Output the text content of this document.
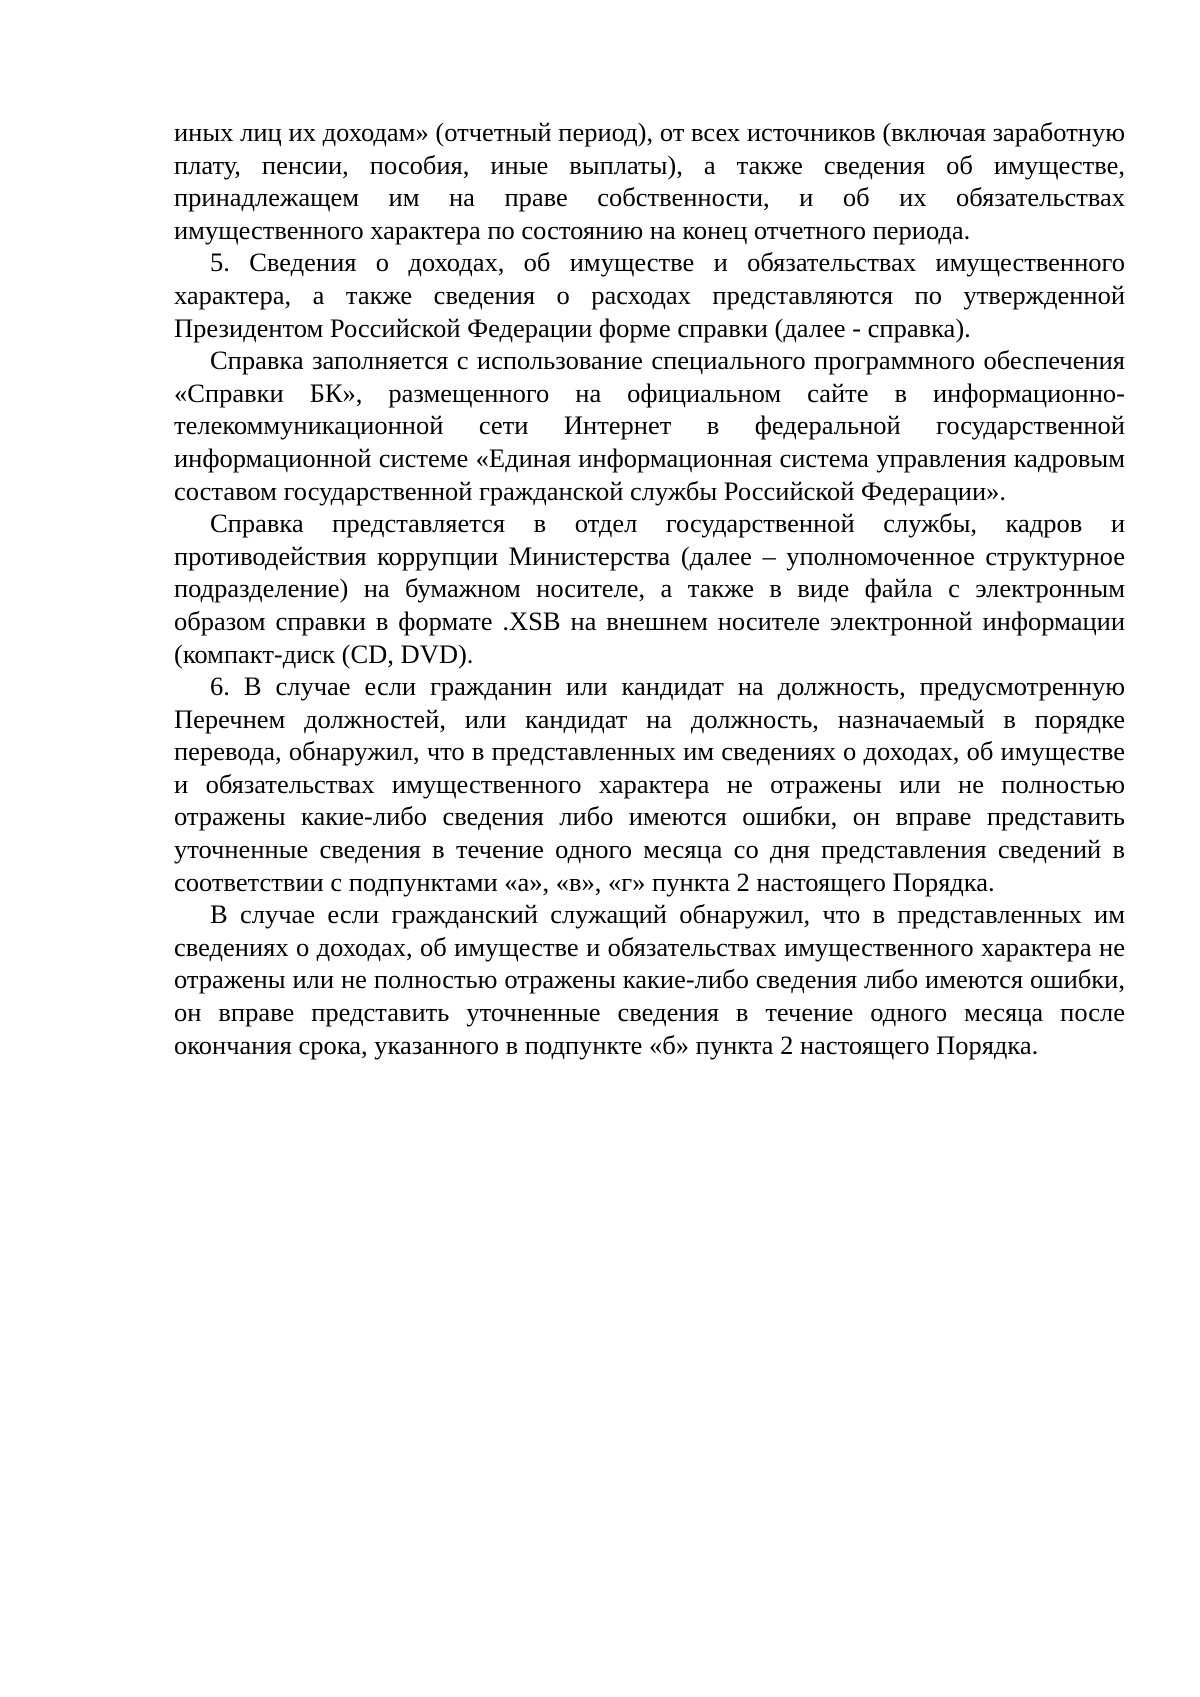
иных лиц их доходам» (отчетный период), от всех источников (включая заработную плату, пенсии, пособия, иные выплаты), а также сведения об имуществе, принадлежащем им на праве собственности, и об их обязательствах имущественного характера по состоянию на конец отчетного периода.

5. Сведения о доходах, об имуществе и обязательствах имущественного характера, а также сведения о расходах представляются по утвержденной Президентом Российской Федерации форме справки (далее - справка).

Справка заполняется с использование специального программного обеспечения «Справки БК», размещенного на официальном сайте в информационно-телекоммуникационной сети Интернет в федеральной государственной информационной системе «Единая информационная система управления кадровым составом государственной гражданской службы Российской Федерации».

Справка представляется в отдел государственной службы, кадров и противодействия коррупции Министерства (далее – уполномоченное структурное подразделение) на бумажном носителе, а также в виде файла с электронным образом справки в формате .XSB на внешнем носителе электронной информации (компакт-диск (CD, DVD).

6. В случае если гражданин или кандидат на должность, предусмотренную Перечнем должностей, или кандидат на должность, назначаемый в порядке перевода, обнаружил, что в представленных им сведениях о доходах, об имуществе и обязательствах имущественного характера не отражены или не полностью отражены какие-либо сведения либо имеются ошибки, он вправе представить уточненные сведения в течение одного месяца со дня представления сведений в соответствии с подпунктами «а», «в», «г» пункта 2 настоящего Порядка.

В случае если гражданский служащий обнаружил, что в представленных им сведениях о доходах, об имуществе и обязательствах имущественного характера не отражены или не полностью отражены какие-либо сведения либо имеются ошибки, он вправе представить уточненные сведения в течение одного месяца после окончания срока, указанного в подпункте «б» пункта 2 настоящего Порядка.
